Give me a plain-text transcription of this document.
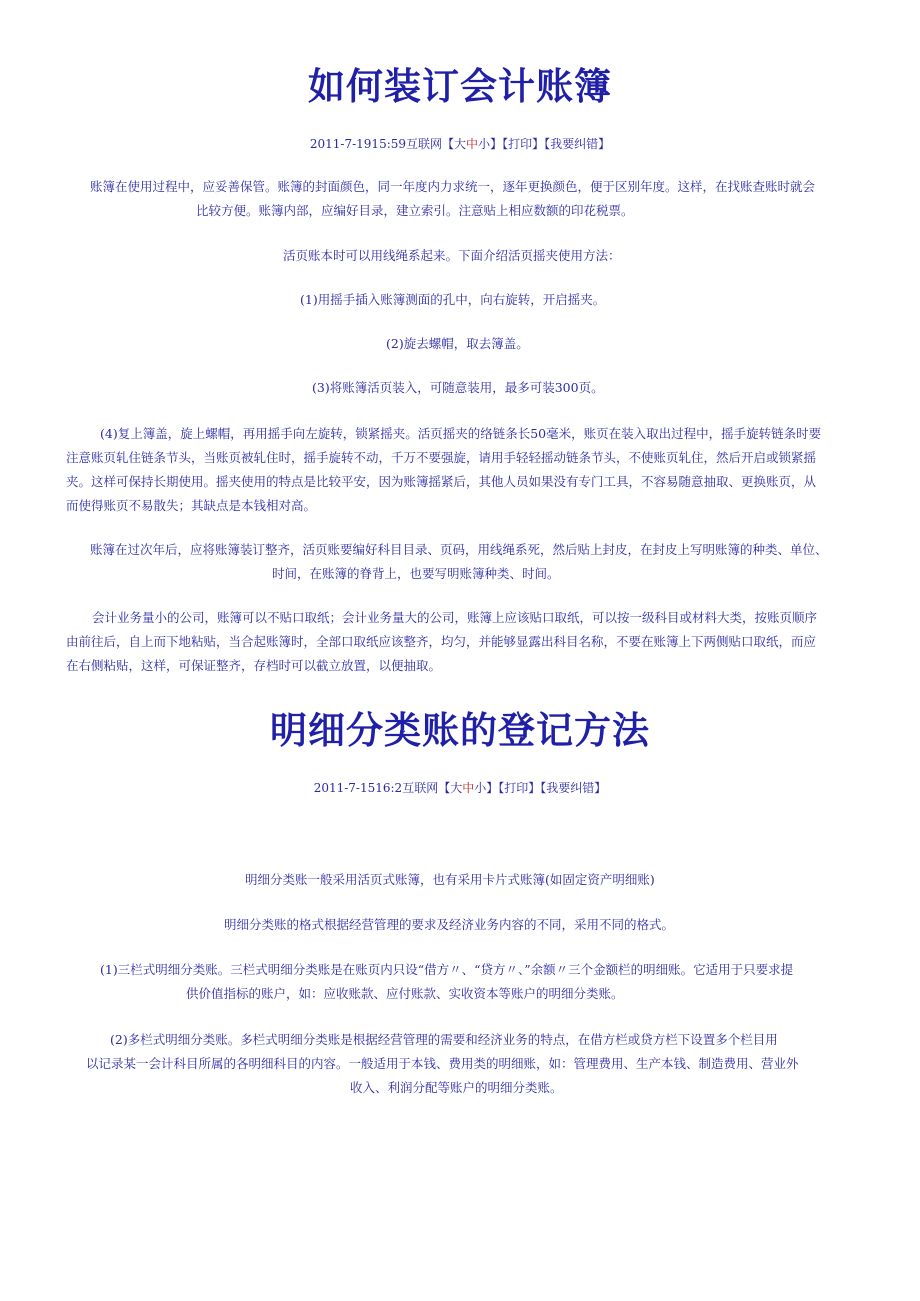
如何装订会计账簿
2011-7-1915:59互联网【大中小】【打印】【我要纠错】
账簿在使用过程中，应妥善保管。账簿的封面颜色，同一年度内力求统一，逐年更换颜色，便于区别年度。这样，在找账查账时就会
比较方便。账簿内部，应编好目录，建立索引。注意贴上相应数额的印花税票。
活页账本时可以用线绳系起来。下面介绍活页摇夹使用方法：
(1)用摇手插入账簿测面的孔中，向右旋转，开启摇夹。
(2)旋去螺帽，取去簿盖。
(3)将账簿活页装入，可随意装用，最多可装300页。
(4)复上簿盖，旋上螺帽，再用摇手向左旋转，锁紧摇夹。活页摇夹的络链条长50毫米，账页在装入取出过程中，摇手旋转链条时要
注意账页轧住链条节头，当账页被轧住时，摇手旋转不动，千万不要强旋，请用手轻轻摇动链条节头，不使账页轧住，然后开启或锁紧摇
夹。这样可保持长期使用。摇夹使用的特点是比较平安，因为账簿摇紧后，其他人员如果没有专门工具，不容易随意抽取、更换账页，从
而使得账页不易散失；其缺点是本钱相对高。
账簿在过次年后，应将账簿装订整齐，活页账要编好科目目录、页码，用线绳系死，然后贴上封皮，在封皮上写明账簿的种类、单位、
时间，在账簿的脊背上，也要写明账簿种类、时间。
会计业务量小的公司，账簿可以不贴口取纸；会计业务量大的公司，账簿上应该贴口取纸，可以按一级科目或材料大类，按账页顺序
由前往后，自上而下地粘贴，当合起账簿时，全部口取纸应该整齐，均匀，并能够显露出科目名称，不要在账簿上下两侧贴口取纸，而应
在右侧粘贴，这样，可保证整齐，存档时可以截立放置，以便抽取。
明细分类账的登记方法
2011-7-1516:2互联网【大中小】【打印】【我要纠错】
明细分类账一般采用活页式账簿，也有采用卡片式账簿(如固定资产明细账)
明细分类账的格式根据经营管理的要求及经济业务内容的不同，采用不同的格式。
(1)三栏式明细分类账。三栏式明细分类账是在账页内只设“借方〃、“贷方〃、”余额〃三个金额栏的明细账。它适用于只要求提
供价值指标的账户，如：应收账款、应付账款、实收资本等账户的明细分类账。
(2)多栏式明细分类账。多栏式明细分类账是根据经营管理的需要和经济业务的特点，在借方栏或贷方栏下设置多个栏目用
以记录某一会计科目所属的各明细科目的内容。一般适用于本钱、费用类的明细账，如：管理费用、生产本钱、制造费用、营业外
收入、利润分配等账户的明细分类账。
